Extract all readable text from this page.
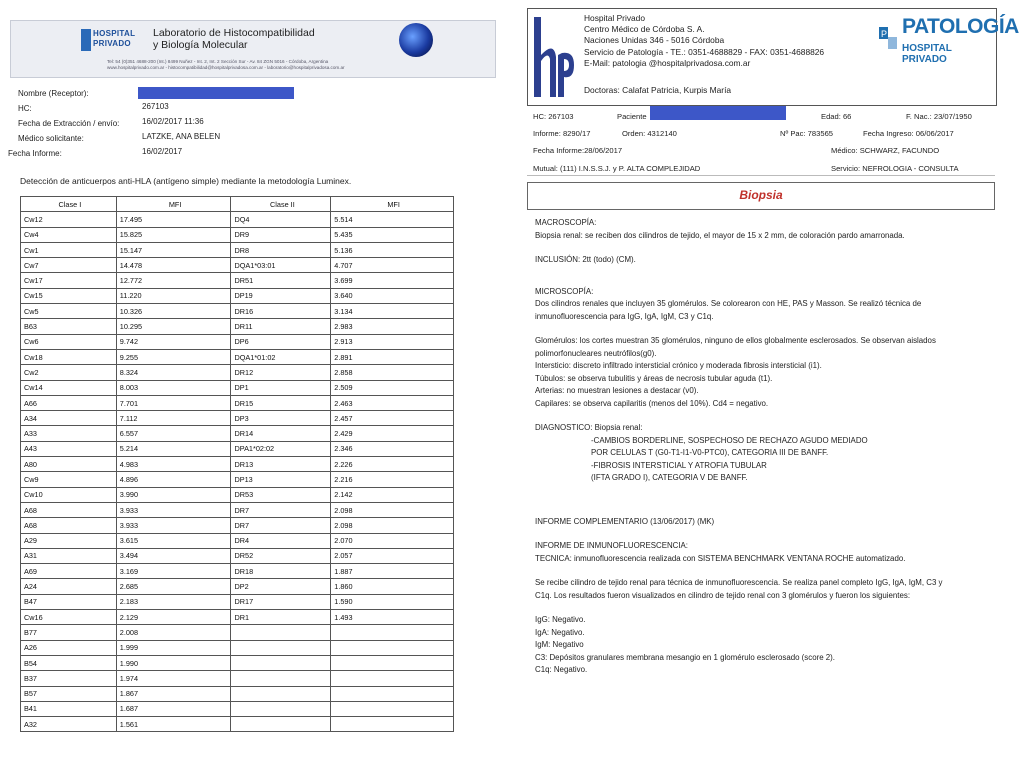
HOSPITAL
PRIVADO
Laboratorio de Histocompatibilidad
y Biología Molecular
Tel: 54 (0)351 4688-200 (Int.) 8499 Nuñez - Int. 2, Int. 2 Sección Sur - Av. 84 ZGN 5016 - Córdoba, Argentina
www.hospitalprivado.com.ar - histocompatibilidad@hospitalprivadosa.com.ar - laboratorio@hospitalprivadosa.com.ar
Nombre (Receptor):
HC:	267103
Fecha de Extracción / envío:	16/02/2017 11:36
Médico solicitante:	LATZKE, ANA BELEN
Fecha Informe:	16/02/2017
Detección de anticuerpos anti-HLA (antígeno simple) mediante la metodología Luminex.
Clase I	MFI	Clase II	MFI
Cw12	17.495	DQ4	5.514
Cw4	15.825	DR9	5.435
Cw1	15.147	DR8	5.136
Cw7	14.478	DQA1*03:01	4.707
Cw17	12.772	DR51	3.699
Cw15	11.220	DP19	3.640
Cw5	10.326	DR16	3.134
B63	10.295	DR11	2.983
Cw6	9.742	DP6	2.913
Cw18	9.255	DQA1*01:02	2.891
Cw2	8.324	DR12	2.858
Cw14	8.003	DP1	2.509
A66	7.701	DR15	2.463
A34	7.112	DP3	2.457
A33	6.557	DR14	2.429
A43	5.214	DPA1*02:02	2.346
A80	4.983	DR13	2.226
Cw9	4.896	DP13	2.216
Cw10	3.990	DR53	2.142
A68	3.933	DR7	2.098
A68	3.933	DR7	2.098
A29	3.615	DR4	2.070
A31	3.494	DR52	2.057
A69	3.169	DR18	1.887
A24	2.685	DP2	1.860
B47	2.183	DR17	1.590
Cw16	2.129	DR1	1.493
B77	2.008		
A26	1.999		
B54	1.990		
B37	1.974		
B57	1.867		
B41	1.687		
A32	1.561		
Hospital Privado
Centro Médico de Córdoba S. A.
Naciones Unidas 346 - 5016 Córdoba
Servicio de Patología - TE.: 0351-4688829 - FAX: 0351-4688826
E-Mail: patologia @hospitalprivadosa.com.ar
Doctoras: Calafat Patricia, Kurpis María
P PATOLOGÍA
HOSPITAL PRIVADO
HC: 267103	Paciente	Edad: 66	F. Nac.: 23/07/1950
Informe: 8290/17	Orden: 4312140	Nº Pac: 783565	Fecha Ingreso: 06/06/2017
Fecha Informe:28/06/2017	Médico: SCHWARZ, FACUNDO
Mutual: (111) I.N.S.S.J. y P. ALTA COMPLEJIDAD	Servicio: NEFROLOGIA - CONSULTA
Biopsia
MACROSCOPÍA:
Biopsia renal: se reciben dos cilindros de tejido, el mayor de 15 x 2 mm, de coloración pardo amarronada.
INCLUSIÓN: 2tt (todo) (CM).
MICROSCOPÍA:
Dos cilindros renales que incluyen 35 glomérulos. Se colorearon con HE, PAS y Masson. Se realizó técnica de
inmunofluorescencia para IgG, IgA, IgM, C3 y C1q.
Glomérulos: los cortes muestran 35 glomérulos, ninguno de ellos globalmente esclerosados. Se observan aislados
polimorfonucleares neutrófilos(g0).
Intersticio: discreto infiltrado intersticial crónico y moderada fibrosis intersticial (i1).
Túbulos: se observa tubulitis y áreas de necrosis tubular aguda (t1).
Arterias: no muestran lesiones a destacar (v0).
Capilares: se observa capilaritis (menos del 10%). Cd4 = negativo.
DIAGNOSTICO: Biopsia renal:
-CAMBIOS BORDERLINE, SOSPECHOSO DE RECHAZO AGUDO MEDIADO
POR CELULAS T (G0-T1-I1-V0-PTC0), CATEGORIA III DE BANFF.
-FIBROSIS INTERSTICIAL Y ATROFIA TUBULAR
(IFTA GRADO I), CATEGORIA V DE BANFF.
INFORME COMPLEMENTARIO (13/06/2017) (MK)
INFORME DE INMUNOFLUORESCENCIA:
TECNICA: inmunofluorescencia realizada con SISTEMA BENCHMARK VENTANA ROCHE automatizado.
Se recibe cilindro de tejido renal para técnica de inmunofluorescencia. Se realiza panel completo IgG, IgA, IgM, C3 y
C1q. Los resultados fueron visualizados en cilindro de tejido renal con 3 glomérulos y fueron los siguientes:
IgG: Negativo.
IgA: Negativo.
IgM: Negativo
C3: Depósitos granulares membrana mesangio en 1 glomérulo esclerosado (score 2).
C1q: Negativo.
